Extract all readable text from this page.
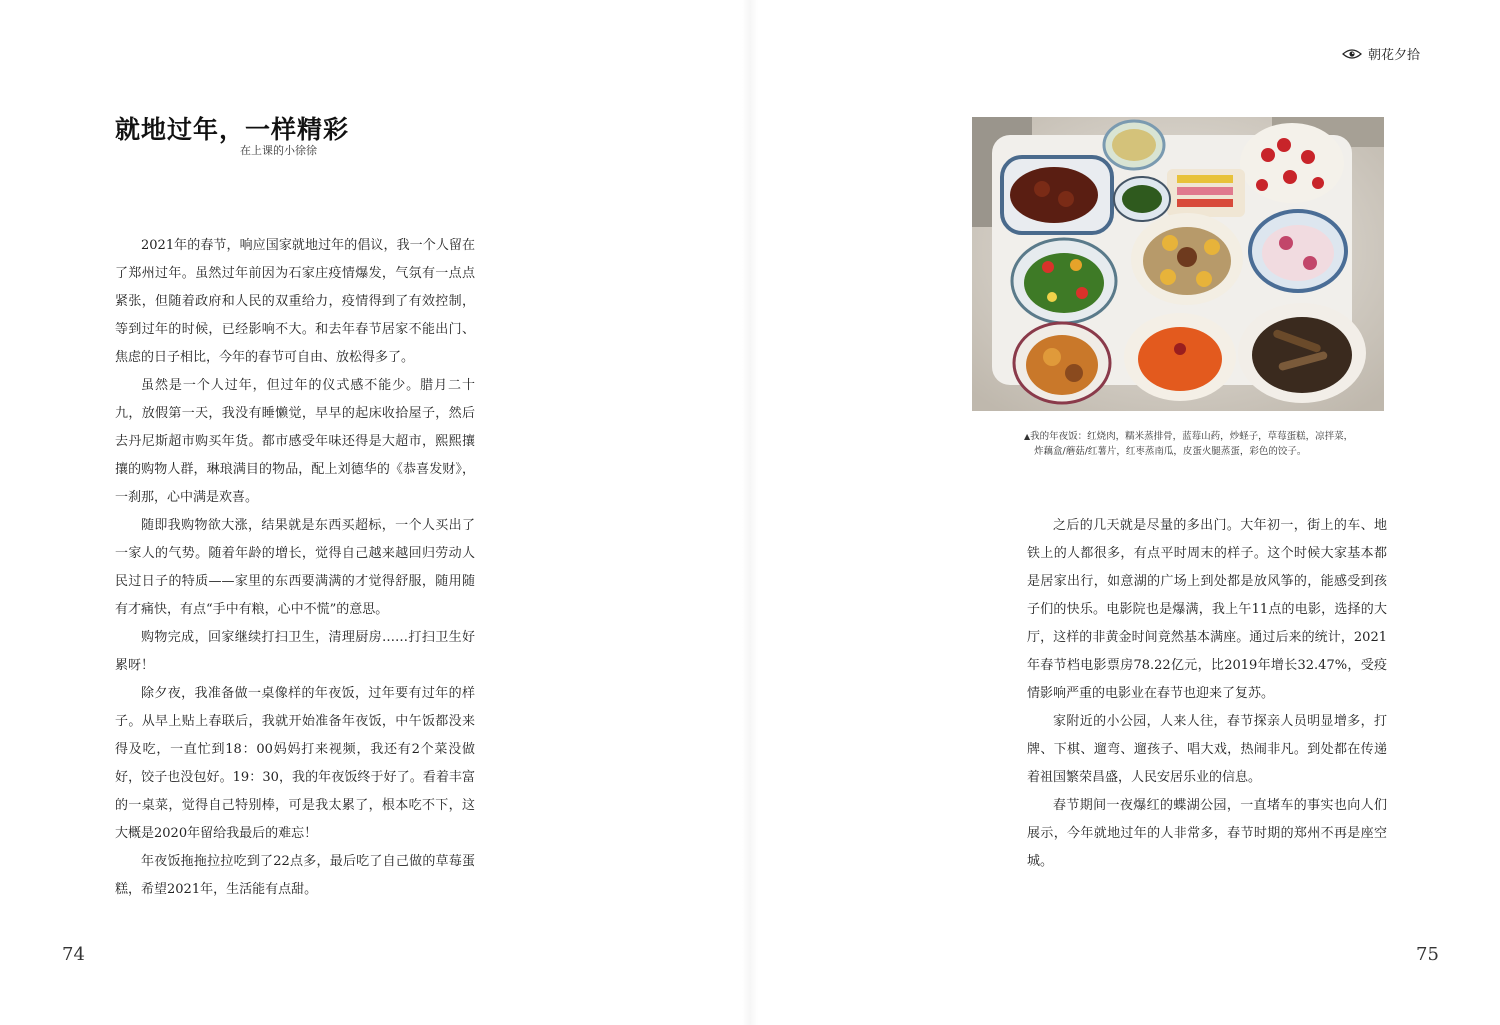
朝花夕拾
就地过年，一样精彩
在上课的小徐徐

2021年的春节，响应国家就地过年的倡议，我一个人留在了郑州过年。虽然过年前因为石家庄疫情爆发，气氛有一点点紧张，但随着政府和人民的双重给力，疫情得到了有效控制，等到过年的时候，已经影响不大。和去年春节居家不能出门、焦虑的日子相比，今年的春节可自由、放松得多了。

虽然是一个人过年，但过年的仪式感不能少。腊月二十九，放假第一天，我没有睡懒觉，早早的起床收拾屋子，然后去丹尼斯超市购买年货。都市感受年味还得是大超市，熙熙攘攘的购物人群，琳琅满目的物品，配上刘德华的《恭喜发财》，一刹那，心中满是欢喜。

随即我购物欲大涨，结果就是东西买超标，一个人买出了一家人的气势。随着年龄的增长，觉得自己越来越回归劳动人民过日子的特质——家里的东西要满满的才觉得舒服，随用随有才痛快，有点“手中有粮，心中不慌”的意思。

购物完成，回家继续打扫卫生，清理厨房……打扫卫生好累呀！

除夕夜，我准备做一桌像样的年夜饭，过年要有过年的样子。从早上贴上春联后，我就开始准备年夜饭，中午饭都没来得及吃，一直忙到18：00妈妈打来视频，我还有2个菜没做好，饺子也没包好。19：30，我的年夜饭终于好了。看着丰富的一桌菜，觉得自己特别棒，可是我太累了，根本吃不下，这大概是2020年留给我最后的难忘！

年夜饭拖拖拉拉吃到了22点多，最后吃了自己做的草莓蛋糕，希望2021年，生活能有点甜。

▲我的年夜饭：红烧肉，糯米蒸排骨，蓝莓山药，炒蛏子，草莓蛋糕，凉拌菜，
炸藕盒/蘑菇/红薯片，红枣蒸南瓜，皮蛋火腿蒸蛋，彩色的饺子。

之后的几天就是尽量的多出门。大年初一，街上的车、地铁上的人都很多，有点平时周末的样子。这个时候大家基本都是居家出行，如意湖的广场上到处都是放风筝的，能感受到孩子们的快乐。电影院也是爆满，我上午11点的电影，选择的大厅，这样的非黄金时间竟然基本满座。通过后来的统计，2021年春节档电影票房78.22亿元，比2019年增长32.47%，受疫情影响严重的电影业在春节也迎来了复苏。

家附近的小公园，人来人往，春节探亲人员明显增多，打牌、下棋、遛弯、遛孩子、唱大戏，热闹非凡。到处都在传递着祖国繁荣昌盛，人民安居乐业的信息。

春节期间一夜爆红的蝶湖公园，一直堵车的事实也向人们展示，今年就地过年的人非常多，春节时期的郑州不再是座空城。

74	75
